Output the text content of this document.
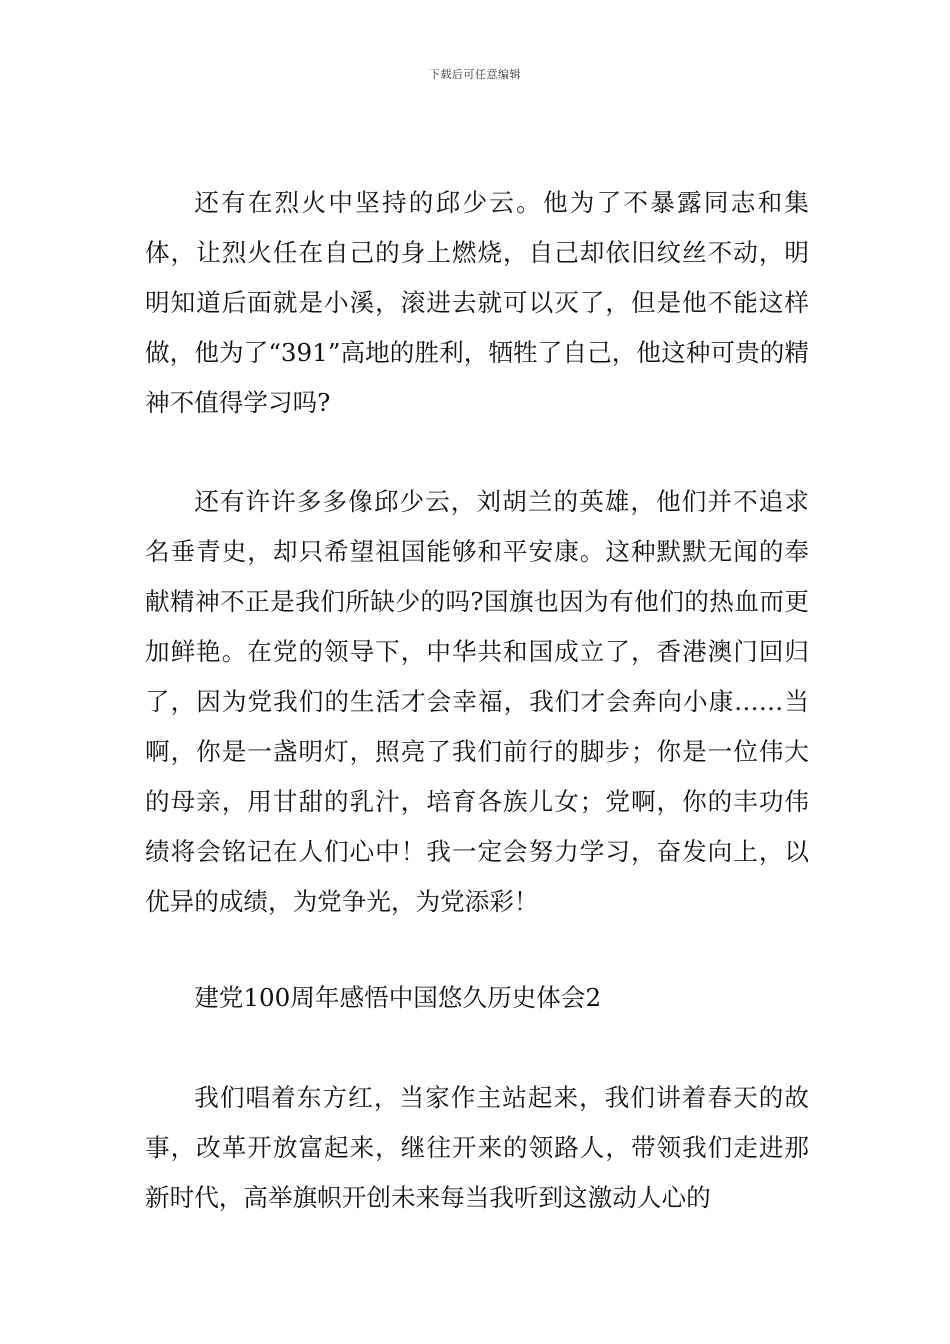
下载后可任意编辑

还有在烈火中坚持的邱少云。他为了不暴露同志和集体，让烈火任在自己的身上燃烧，自己却依旧纹丝不动，明明知道后面就是小溪，滚进去就可以灭了，但是他不能这样做，他为了“391”高地的胜利，牺牲了自己，他这种可贵的精神不值得学习吗?

还有许许多多像邱少云，刘胡兰的英雄，他们并不追求名垂青史，却只希望祖国能够和平安康。这种默默无闻的奉献精神不正是我们所缺少的吗?国旗也因为有他们的热血而更加鲜艳。在党的领导下，中华共和国成立了，香港澳门回归了，因为党我们的生活才会幸福，我们才会奔向小康……当啊，你是一盏明灯，照亮了我们前行的脚步；你是一位伟大的母亲，用甘甜的乳汁，培育各族儿女；党啊，你的丰功伟绩将会铭记在人们心中！我一定会努力学习，奋发向上，以优异的成绩，为党争光，为党添彩！

建党100周年感悟中国悠久历史体会2

我们唱着东方红，当家作主站起来，我们讲着春天的故事，改革开放富起来，继往开来的领路人，带领我们走进那新时代，高举旗帜开创未来每当我听到这激动人心的
